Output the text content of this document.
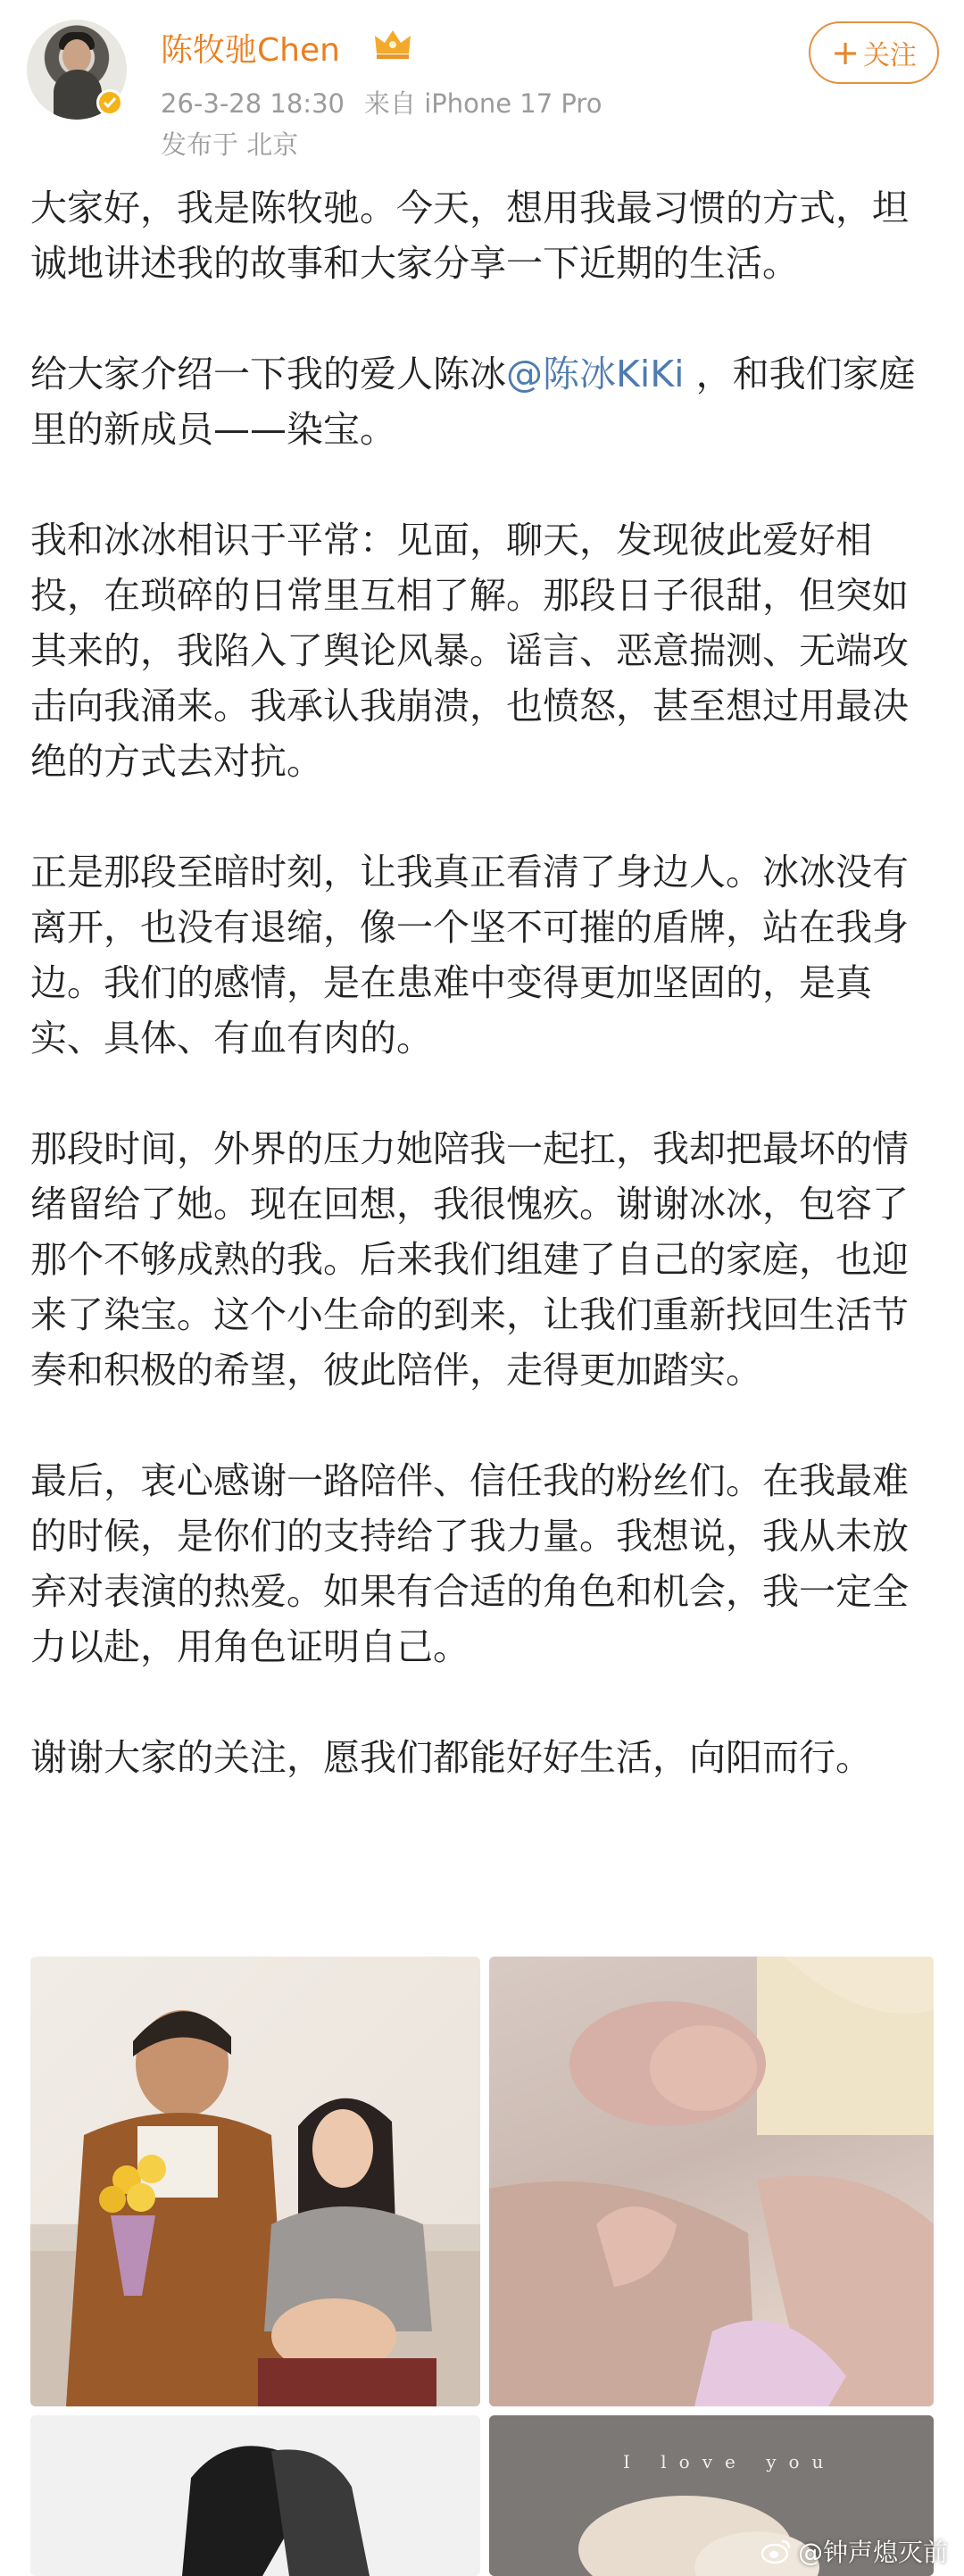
陈牧驰Chen
26-3-28 18:30 来自 iPhone 17 Pro
发布于 北京
+ 关注

大家好，我是陈牧驰。今天，想用我最习惯的方式，坦诚地讲述我的故事和大家分享一下近期的生活。

给大家介绍一下我的爱人陈冰@陈冰KiKi ，和我们家庭里的新成员——染宝。

我和冰冰相识于平常：见面，聊天，发现彼此爱好相投，在琐碎的日常里互相了解。那段日子很甜，但突如其来的，我陷入了舆论风暴。谣言、恶意揣测、无端攻击向我涌来。我承认我崩溃，也愤怒，甚至想过用最决绝的方式去对抗。

正是那段至暗时刻，让我真正看清了身边人。冰冰没有离开，也没有退缩，像一个坚不可摧的盾牌，站在我身边。我们的感情，是在患难中变得更加坚固的，是真实、具体、有血有肉的。

那段时间，外界的压力她陪我一起扛，我却把最坏的情绪留给了她。现在回想，我很愧疚。谢谢冰冰，包容了那个不够成熟的我。后来我们组建了自己的家庭，也迎来了染宝。这个小生命的到来，让我们重新找回生活节奏和积极的希望，彼此陪伴，走得更加踏实。

最后，衷心感谢一路陪伴、信任我的粉丝们。在我最难的时候，是你们的支持给了我力量。我想说，我从未放弃对表演的热爱。如果有合适的角色和机会，我一定全力以赴，用角色证明自己。

谢谢大家的关注，愿我们都能好好生活，向阳而行。

I love you
@钟声熄灭前
